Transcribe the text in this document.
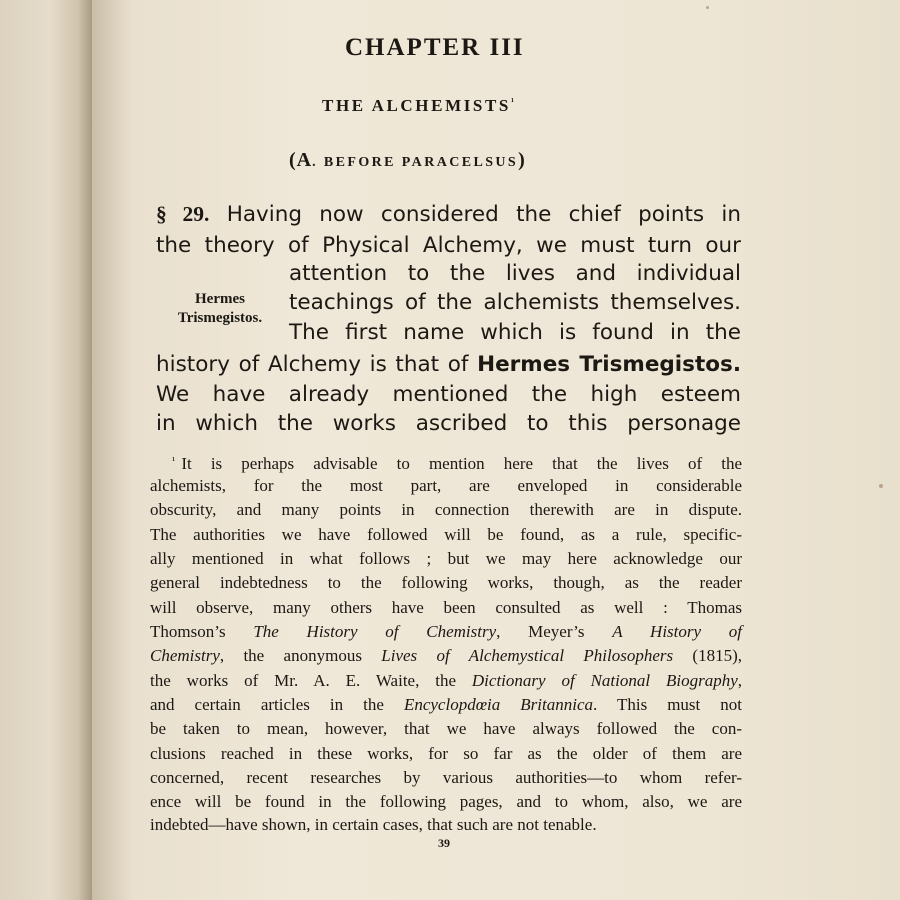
CHAPTER III
THE $ALCHEMISTS^{^1}$
(A. BEFORE PARACELSUS)
§ 29. Having now considered the chief points in
the theory of Physical Alchemy, we must turn our
attention to the lives and individual
teachings of the alchemists themselves.
The first name which is found in the
history of Alchemy is that of Hermes Trismegistos.
We have already mentioned the high esteem
in which the works ascribed to this personage
Hermes
Trismegistos.
$^{^1}$ It is perhaps advisable to mention here that the lives of the
alchemists, for the most part, are enveloped in considerable
obscurity, and many points in connection therewith are in dispute.
The authorities we have followed will be found, as a rule, specific-
ally mentioned in what follows ; but we may here acknowledge our
general indebtedness to the following works, though, as the reader
will observe, many others have been consulted as well : Thomas
Thomson’s The History of Chemistry, Meyer’s A History of
Chemistry, the anonymous Lives of Alchemystical Philosophers (1815),
the works of Mr. A. E. Waite, the Dictionary of National Biography,
and certain articles in the Encyclopdœia Britannica. This must not
be taken to mean, however, that we have always followed the con-
clusions reached in these works, for so far as the older of them are
concerned, recent researches by various authorities—to whom refer-
ence will be found in the following pages, and to whom, also, we are
indebted—have shown, in certain cases, that such are not tenable.
39
